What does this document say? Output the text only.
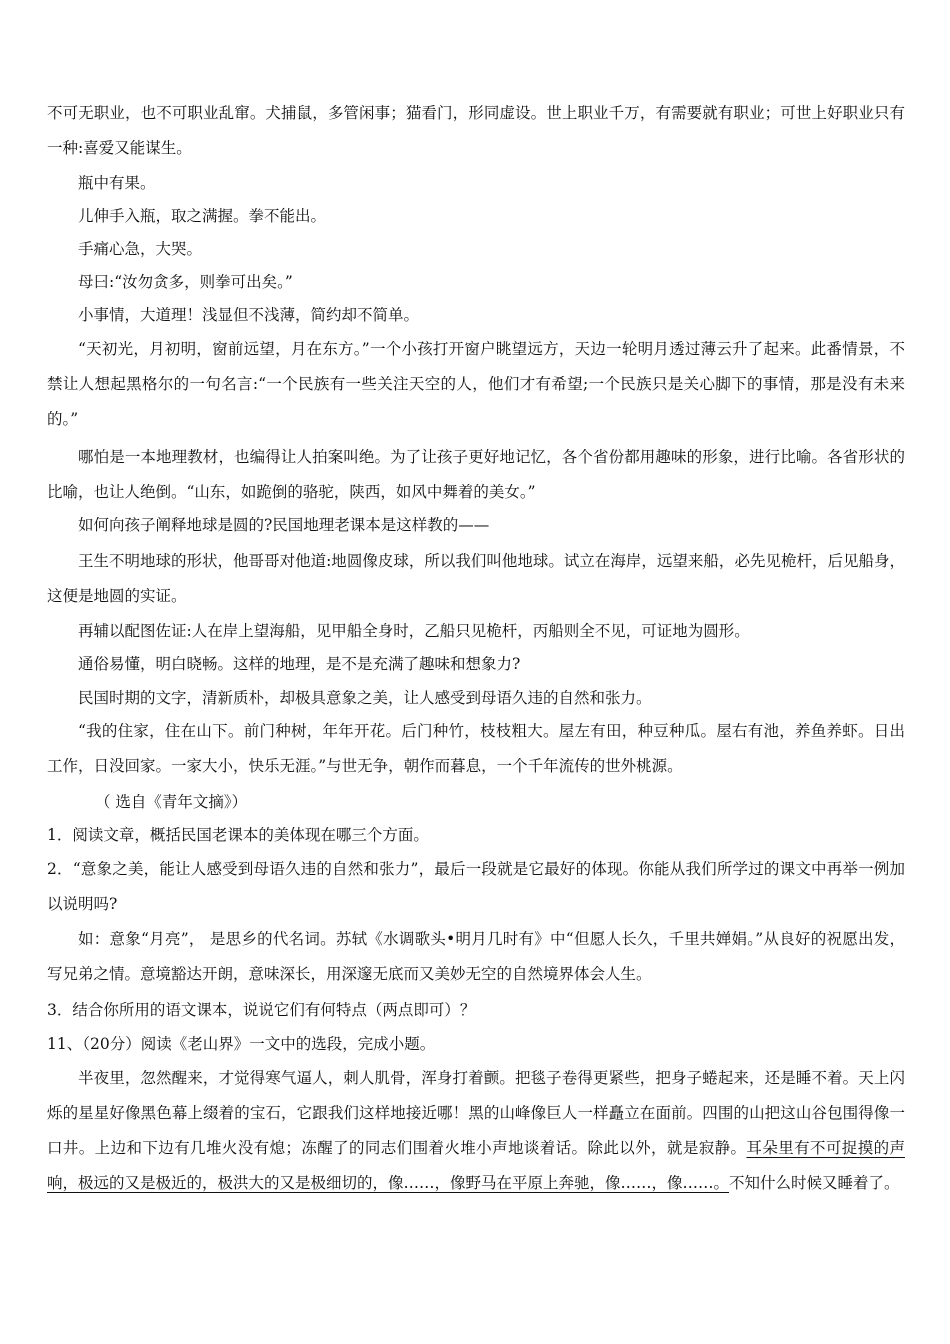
不可无职业，也不可职业乱窜。犬捕鼠，多管闲事；猫看门，形同虚设。世上职业千万，有需要就有职业；可世上好职业只有一种:喜爱又能谋生。

瓶中有果。

儿伸手入瓶，取之满握。拳不能出。

手痛心急，大哭。

母曰:“汝勿贪多，则拳可出矣。”

小事情，大道理！浅显但不浅薄，简约却不简单。

“天初光，月初明，窗前远望，月在东方。”一个小孩打开窗户眺望远方，天边一轮明月透过薄云升了起来。此番情景，不禁让人想起黑格尔的一句名言:“一个民族有一些关注天空的人，他们才有希望;一个民族只是关心脚下的事情，那是没有未来的。”

哪怕是一本地理教材，也编得让人拍案叫绝。为了让孩子更好地记忆，各个省份都用趣味的形象，进行比喻。各省形状的比喻，也让人绝倒。“山东，如跪倒的骆驼，陕西，如风中舞着的美女。”

如何向孩子阐释地球是圆的?民国地理老课本是这样教的——

王生不明地球的形状，他哥哥对他道:地圆像皮球，所以我们叫他地球。试立在海岸，远望来船，必先见桅杆，后见船身，这便是地圆的实证。

再辅以配图佐证:人在岸上望海船，见甲船全身时，乙船只见桅杆，丙船则全不见，可证地为圆形。

通俗易懂，明白晓畅。这样的地理，是不是充满了趣味和想象力?

民国时期的文字，清新质朴，却极具意象之美，让人感受到母语久违的自然和张力。

“我的住家，住在山下。前门种树，年年开花。后门种竹，枝枝粗大。屋左有田，种豆种瓜。屋右有池，养鱼养虾。日出工作，日没回家。一家大小，快乐无涯。”与世无争，朝作而暮息，一个千年流传的世外桃源。

（ 选自《青年文摘》）

1．阅读文章，概括民国老课本的美体现在哪三个方面。

2．“意象之美，能让人感受到母语久违的自然和张力”，最后一段就是它最好的体现。你能从我们所学过的课文中再举一例加以说明吗?

如：意象“月亮”， 是思乡的代名词。苏轼《水调歌头•明月几时有》中“但愿人长久，千里共婵娟。”从良好的祝愿出发，写兄弟之情。意境豁达开朗，意味深长，用深邃无底而又美妙无空的自然境界体会人生。

3．结合你所用的语文课本，说说它们有何特点（两点即可）？

11、（20分）阅读《老山界》一文中的选段，完成小题。

半夜里，忽然醒来，才觉得寒气逼人，刺人肌骨，浑身打着颤。把毯子卷得更紧些，把身子蜷起来，还是睡不着。天上闪烁的星星好像黑色幕上缀着的宝石，它跟我们这样地接近哪！黑的山峰像巨人一样矗立在面前。四围的山把这山谷包围得像一口井。上边和下边有几堆火没有熄；冻醒了的同志们围着火堆小声地谈着话。除此以外，就是寂静。耳朵里有不可捉摸的声响，极远的又是极近的，极洪大的又是极细切的，像……，像野马在平原上奔驰，像……，像……。不知什么时候又睡着了。
